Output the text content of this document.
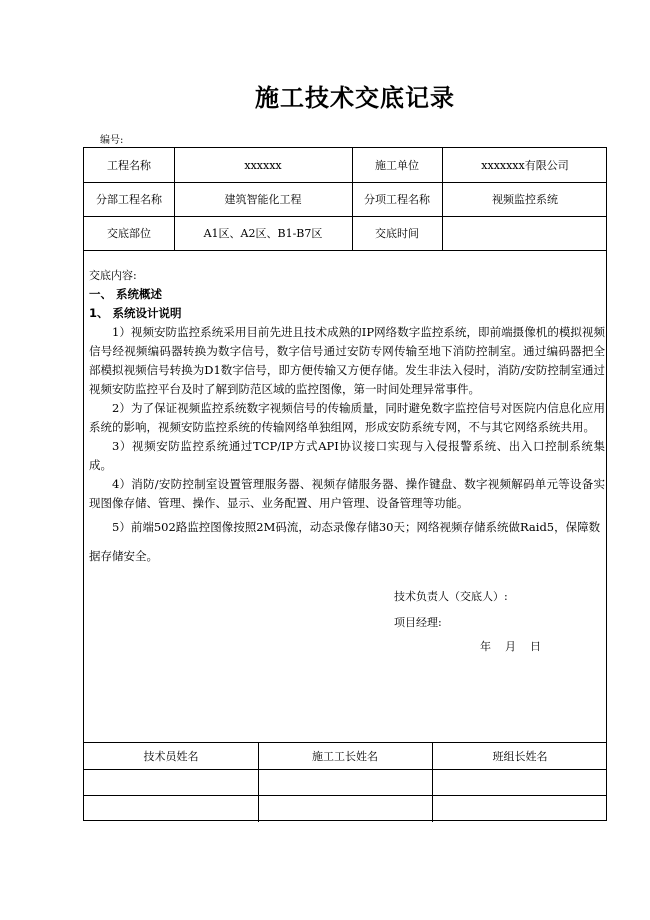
施工技术交底记录
编号:
工程名称	xxxxxx	施工单位	xxxxxxx有限公司
分部工程名称	建筑智能化工程	分项工程名称	视频监控系统
交底部位	A1区、A2区、B1-B7区	交底时间

交底内容:

一、 系统概述

1、 系统设计说明

1）视频安防监控系统采用目前先进且技术成熟的IP网络数字监控系统，即前端摄像机的模拟视频信号经视频编码器转换为数字信号，数字信号通过安防专网传输至地下消防控制室。通过编码器把全部模拟视频信号转换为D1数字信号，即方便传输又方便存储。发生非法入侵时，消防/安防控制室通过视频安防监控平台及时了解到防范区域的监控图像，第一时间处理异常事件。

2）为了保证视频监控系统数字视频信号的传输质量，同时避免数字监控信号对医院内信息化应用系统的影响，视频安防监控系统的传输网络单独组网，形成安防系统专网，不与其它网络系统共用。

3）视频安防监控系统通过TCP/IP方式API协议接口实现与入侵报警系统、出入口控制系统集成。

4）消防/安防控制室设置管理服务器、视频存储服务器、操作键盘、数字视频解码单元等设备实现图像存储、管理、操作、显示、业务配置、用户管理、设备管理等功能。

5）前端502路监控图像按照2M码流，动态录像存储30天；网络视频存储系统做Raid5，保障数据存储安全。

技术负责人（交底人）:
项目经理:
年    月    日
技术员姓名	施工工长姓名	班组长姓名
